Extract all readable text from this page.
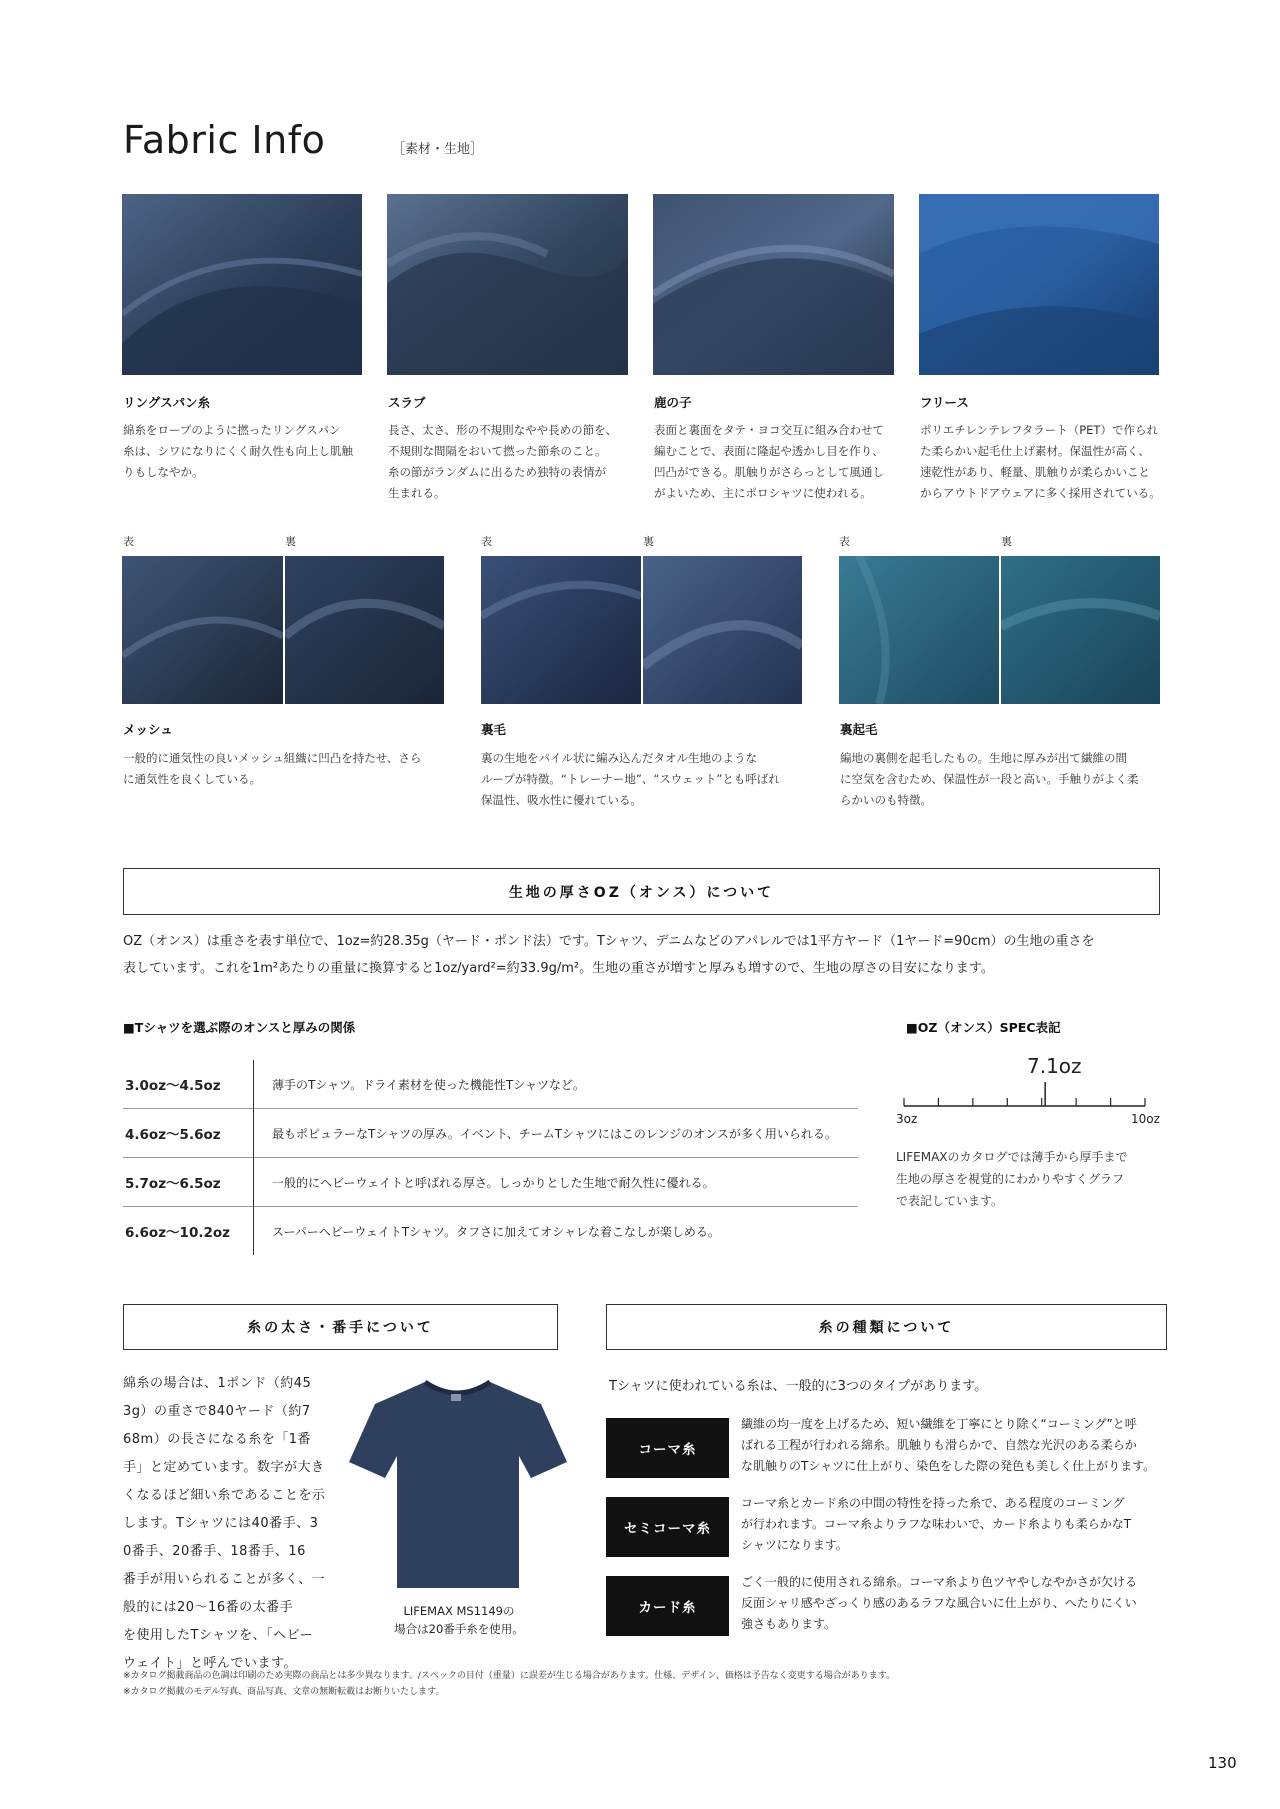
Fabric Info	［素材・生地］
リングスパン糸
綿糸をロープのように撚ったリングスパン
糸は、シワになりにくく耐久性も向上し肌触
りもしなやか。
スラブ
長さ、太さ、形の不規則なやや長めの節を、
不規則な間隔をおいて撚った節糸のこと。
糸の節がランダムに出るため独特の表情が
生まれる。
鹿の子
表面と裏面をタテ・ヨコ交互に組み合わせて
編むことで、表面に隆起や透かし目を作り、
凹凸ができる。肌触りがさらっとして風通し
がよいため、主にポロシャツに使われる。
フリース
ポリエチレンテレフタラート（PET）で作られ
た柔らかい起毛仕上げ素材。保温性が高く、
速乾性があり、軽量、肌触りが柔らかいこと
からアウトドアウェアに多く採用されている。
表	裏	表	裏	表	裏
メッシュ
一般的に通気性の良いメッシュ組織に凹凸を持たせ、さら
に通気性を良くしている。
裏毛
裏の生地をパイル状に編み込んだタオル生地のような
ループが特徴。“トレーナー地”、“スウェット”とも呼ばれ
保温性、吸水性に優れている。
裏起毛
編地の裏側を起毛したもの。生地に厚みが出て繊維の間
に空気を含むため、保温性が一段と高い。手触りがよく柔
らかいのも特徴。
生地の厚さOZ（オンス）について
OZ（オンス）は重さを表す単位で、1oz=約28.35g（ヤード・ポンド法）です。Tシャツ、デニムなどのアパレルでは1平方ヤード（1ヤード=90cm）の生地の重さを
表しています。これを1m²あたりの重量に換算すると1oz/yard²=約33.9g/m²。生地の重さが増すと厚みも増すので、生地の厚さの目安になります。
■Tシャツを選ぶ際のオンスと厚みの関係
3.0oz〜4.5oz	薄手のTシャツ。ドライ素材を使った機能性Tシャツなど。
4.6oz〜5.6oz	最もポピュラーなTシャツの厚み。イベント、チームTシャツにはこのレンジのオンスが多く用いられる。
5.7oz〜6.5oz	一般的にヘビーウェイトと呼ばれる厚さ。しっかりとした生地で耐久性に優れる。
6.6oz〜10.2oz	スーパーヘビーウェイトTシャツ。タフさに加えてオシャレな着こなしが楽しめる。
■OZ（オンス）SPEC表記
7.1oz
3oz	10oz
LIFEMAXのカタログでは薄手から厚手まで
生地の厚さを視覚的にわかりやすくグラフ
で表記しています。
糸の太さ・番手について
綿糸の場合は、1ポンド（約45
3g）の重さで840ヤード（約7
68m）の長さになる糸を「1番
手」と定めています。数字が大き
くなるほど細い糸であることを示
します。Tシャツには40番手、3
0番手、20番手、18番手、16
番手が用いられることが多く、一
般的には20〜16番の太番手
を使用したTシャツを、「ヘビー
ウェイト」と呼んでいます。
LIFEMAX MS1149の
場合は20番手糸を使用。
糸の種類について
Tシャツに使われている糸は、一般的に3つのタイプがあります。
コーマ糸
繊維の均一度を上げるため、短い繊維を丁寧にとり除く“コーミング”と呼
ばれる工程が行われる綿糸。肌触りも滑らかで、自然な光沢のある柔らか
な肌触りのTシャツに仕上がり、染色をした際の発色も美しく仕上がります。
セミコーマ糸
コーマ糸とカード糸の中間の特性を持った糸で、ある程度のコーミング
が行われます。コーマ糸よりラフな味わいで、カード糸よりも柔らかなT
シャツになります。
カード糸
ごく一般的に使用される綿糸。コーマ糸より色ツヤやしなやかさが欠ける
反面シャリ感やざっくり感のあるラフな風合いに仕上がり、へたりにくい
強さもあります。
※カタログ掲載商品の色調は印刷のため実際の商品とは多少異なります。/スペックの目付（重量）に誤差が生じる場合があります。仕様、デザイン、価格は予告なく変更する場合があります。
※カタログ掲載のモデル写真、商品写真、文章の無断転載はお断りいたします。
130
